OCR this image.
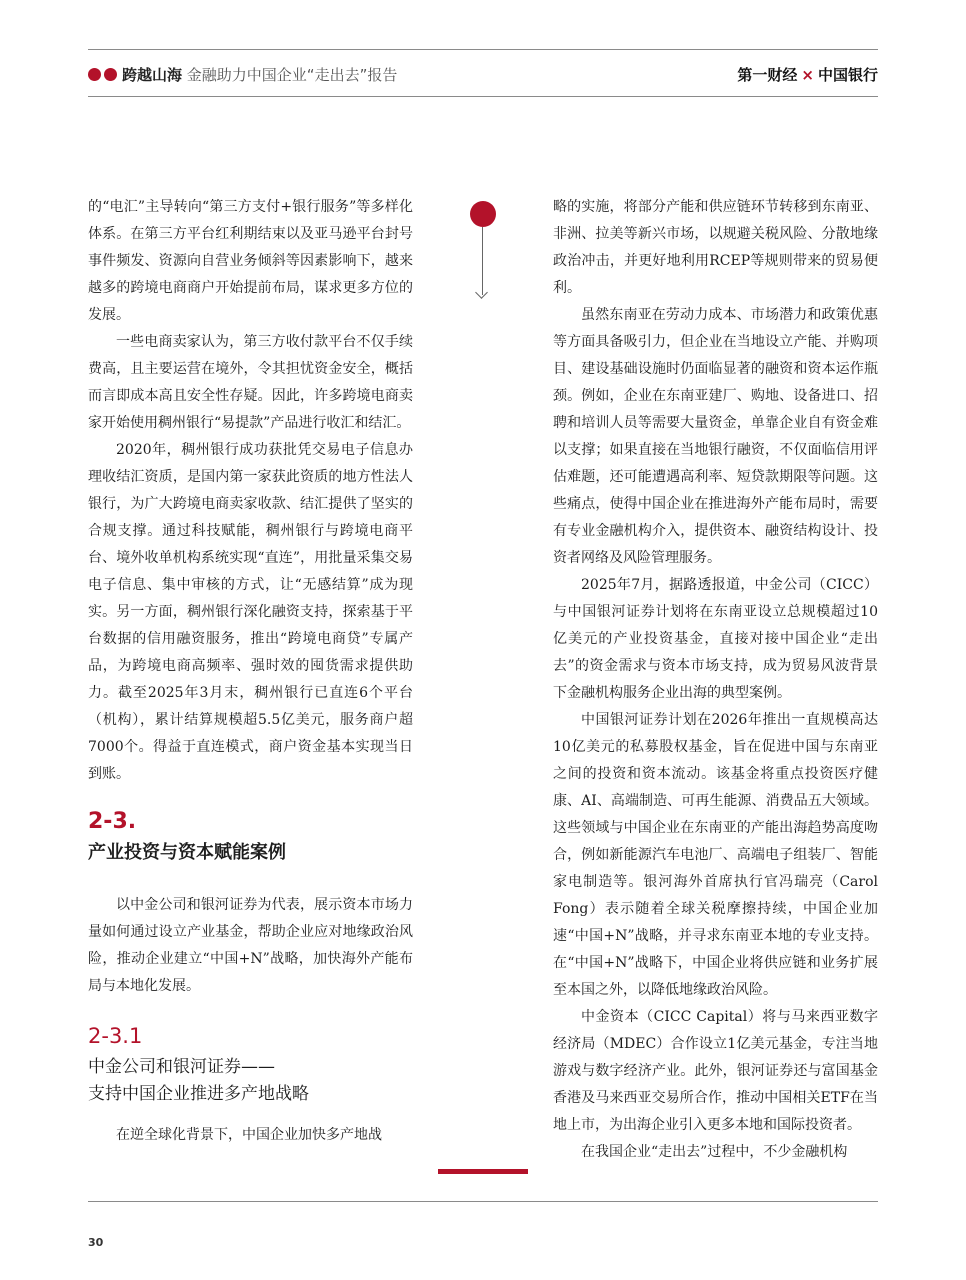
跨越山海 金融助力中国企业“走出去”报告	第一财经 × 中国银行

的“电汇”主导转向“第三方支付+银行服务”等多样化体系。在第三方平台红利期结束以及亚马逊平台封号事件频发、资源向自营业务倾斜等因素影响下，越来越多的跨境电商商户开始提前布局，谋求更多方位的发展。

一些电商卖家认为，第三方收付款平台不仅手续费高，且主要运营在境外，令其担忧资金安全，概括而言即成本高且安全性存疑。因此，许多跨境电商卖家开始使用稠州银行“易提款”产品进行收汇和结汇。

2020年，稠州银行成功获批凭交易电子信息办理收结汇资质，是国内第一家获此资质的地方性法人银行，为广大跨境电商卖家收款、结汇提供了坚实的合规支撑。通过科技赋能，稠州银行与跨境电商平台、境外收单机构系统实现“直连”，用批量采集交易电子信息、集中审核的方式，让“无感结算”成为现实。另一方面，稠州银行深化融资支持，探索基于平台数据的信用融资服务，推出“跨境电商贷”专属产品，为跨境电商高频率、强时效的囤货需求提供助力。截至2025年3月末，稠州银行已直连6个平台（机构），累计结算规模超5.5亿美元，服务商户超7000个。得益于直连模式，商户资金基本实现当日到账。

2-3.
产业投资与资本赋能案例

以中金公司和银河证券为代表，展示资本市场力量如何通过设立产业基金，帮助企业应对地缘政治风险，推动企业建立“中国+N”战略，加快海外产能布局与本地化发展。

2-3.1
中金公司和银河证券——
支持中国企业推进多产地战略

在逆全球化背景下，中国企业加快多产地战

略的实施，将部分产能和供应链环节转移到东南亚、非洲、拉美等新兴市场，以规避关税风险、分散地缘政治冲击，并更好地利用RCEP等规则带来的贸易便利。

虽然东南亚在劳动力成本、市场潜力和政策优惠等方面具备吸引力，但企业在当地设立产能、并购项目、建设基础设施时仍面临显著的融资和资本运作瓶颈。例如，企业在东南亚建厂、购地、设备进口、招聘和培训人员等需要大量资金，单靠企业自有资金难以支撑；如果直接在当地银行融资，不仅面临信用评估难题，还可能遭遇高利率、短贷款期限等问题。这些痛点，使得中国企业在推进海外产能布局时，需要有专业金融机构介入，提供资本、融资结构设计、投资者网络及风险管理服务。

2025年7月，据路透报道，中金公司（CICC）与中国银河证券计划将在东南亚设立总规模超过10亿美元的产业投资基金，直接对接中国企业“走出去”的资金需求与资本市场支持，成为贸易风波背景下金融机构服务企业出海的典型案例。

中国银河证券计划在2026年推出一直规模高达10亿美元的私募股权基金，旨在促进中国与东南亚之间的投资和资本流动。该基金将重点投资医疗健康、AI、高端制造、可再生能源、消费品五大领域。这些领域与中国企业在东南亚的产能出海趋势高度吻合，例如新能源汽车电池厂、高端电子组装厂、智能家电制造等。银河海外首席执行官冯瑞亮（Carol Fong）表示随着全球关税摩擦持续，中国企业加速“中国+N”战略，并寻求东南亚本地的专业支持。在“中国+N”战略下，中国企业将供应链和业务扩展至本国之外，以降低地缘政治风险。

中金资本（CICC Capital）将与马来西亚数字经济局（MDEC）合作设立1亿美元基金，专注当地游戏与数字经济产业。此外，银河证券还与富国基金香港及马来西亚交易所合作，推动中国相关ETF在当地上市，为出海企业引入更多本地和国际投资者。

在我国企业“走出去”过程中，不少金融机构

30
